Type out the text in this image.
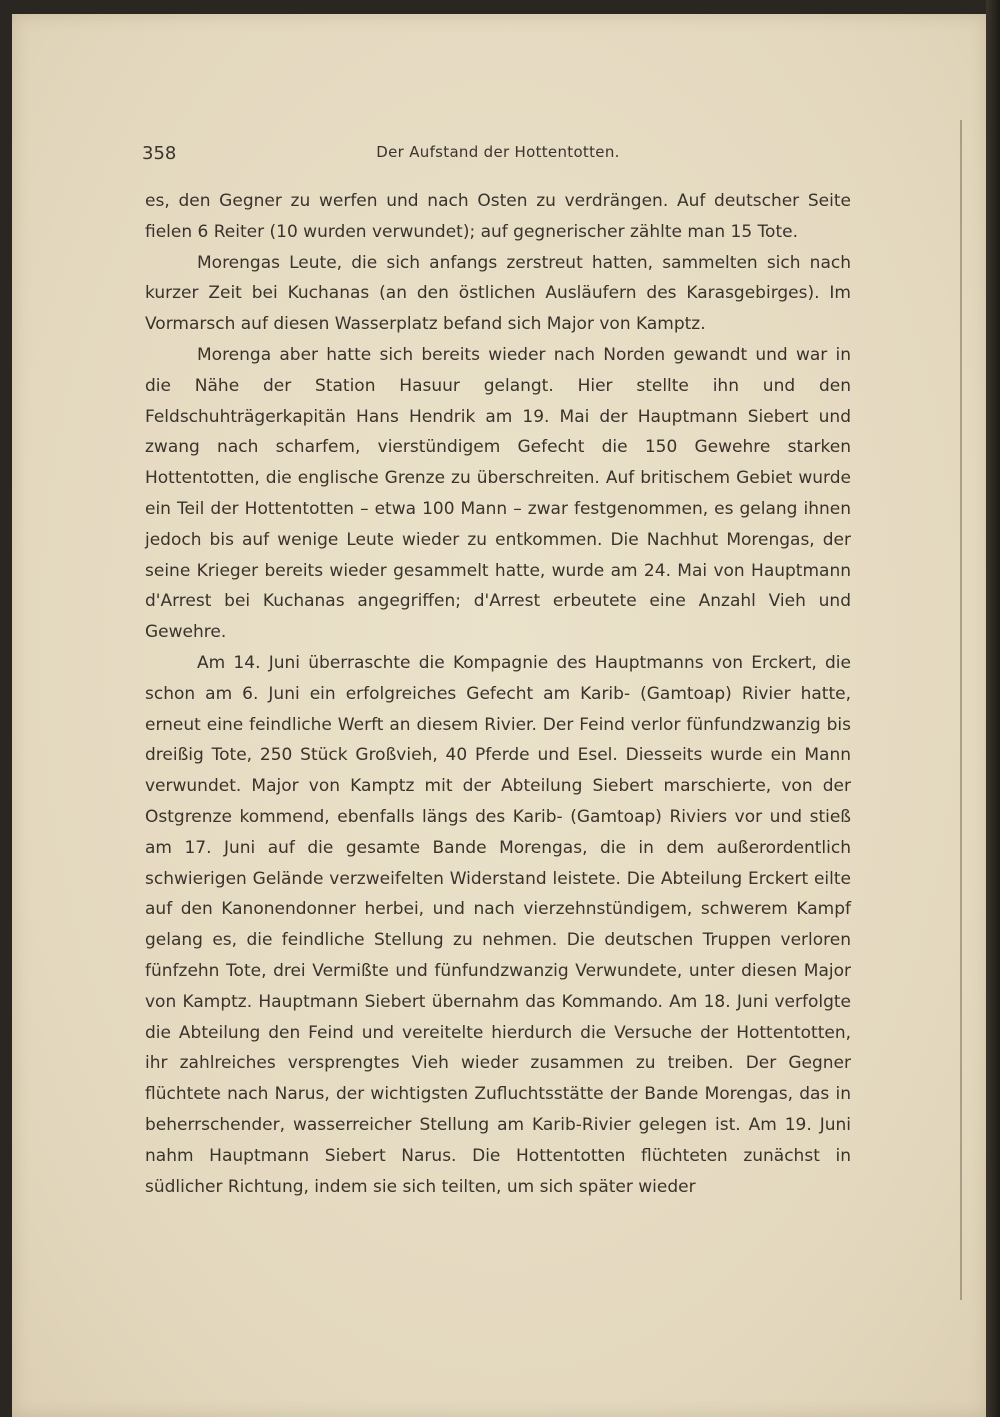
358	Der Aufstand der Hottentotten.

es, den Gegner zu werfen und nach Osten zu verdrängen. Auf deutscher Seite fielen 6 Reiter (10 wurden verwundet); auf gegnerischer zählte man 15 Tote.

Morengas Leute, die sich anfangs zerstreut hatten, sammelten sich nach kurzer Zeit bei Kuchanas (an den östlichen Ausläufern des Karasgebirges). Im Vormarsch auf diesen Wasserplatz befand sich Major von Kamptz.

Morenga aber hatte sich bereits wieder nach Norden gewandt und war in die Nähe der Station Hasuur gelangt. Hier stellte ihn und den Feldschuhträgerkapitän Hans Hendrik am 19. Mai der Hauptmann Siebert und zwang nach scharfem, vierstündigem Gefecht die 150 Gewehre starken Hottentotten, die englische Grenze zu überschreiten. Auf britischem Gebiet wurde ein Teil der Hottentotten – etwa 100 Mann – zwar festgenommen, es gelang ihnen jedoch bis auf wenige Leute wieder zu entkommen. Die Nachhut Morengas, der seine Krieger bereits wieder gesammelt hatte, wurde am 24. Mai von Hauptmann d'Arrest bei Kuchanas angegriffen; d'Arrest erbeutete eine Anzahl Vieh und Gewehre.

Am 14. Juni überraschte die Kompagnie des Hauptmanns von Erckert, die schon am 6. Juni ein erfolgreiches Gefecht am Karib- (Gamtoap) Rivier hatte, erneut eine feindliche Werft an diesem Rivier. Der Feind verlor fünfundzwanzig bis dreißig Tote, 250 Stück Großvieh, 40 Pferde und Esel. Diesseits wurde ein Mann verwundet. Major von Kamptz mit der Abteilung Siebert marschierte, von der Ostgrenze kommend, ebenfalls längs des Karib- (Gamtoap) Riviers vor und stieß am 17. Juni auf die gesamte Bande Morengas, die in dem außerordentlich schwierigen Gelände verzweifelten Widerstand leistete. Die Abteilung Erckert eilte auf den Kanonendonner herbei, und nach vierzehnstündigem, schwerem Kampf gelang es, die feindliche Stellung zu nehmen. Die deutschen Truppen verloren fünfzehn Tote, drei Vermißte und fünfundzwanzig Verwundete, unter diesen Major von Kamptz. Hauptmann Siebert übernahm das Kommando. Am 18. Juni verfolgte die Abteilung den Feind und vereitelte hierdurch die Versuche der Hottentotten, ihr zahlreiches versprengtes Vieh wieder zusammen zu treiben. Der Gegner flüchtete nach Narus, der wichtigsten Zufluchtsstätte der Bande Morengas, das in beherrschender, wasserreicher Stellung am Karib-Rivier gelegen ist. Am 19. Juni nahm Hauptmann Siebert Narus. Die Hottentotten flüchteten zunächst in südlicher Richtung, indem sie sich teilten, um sich später wieder
